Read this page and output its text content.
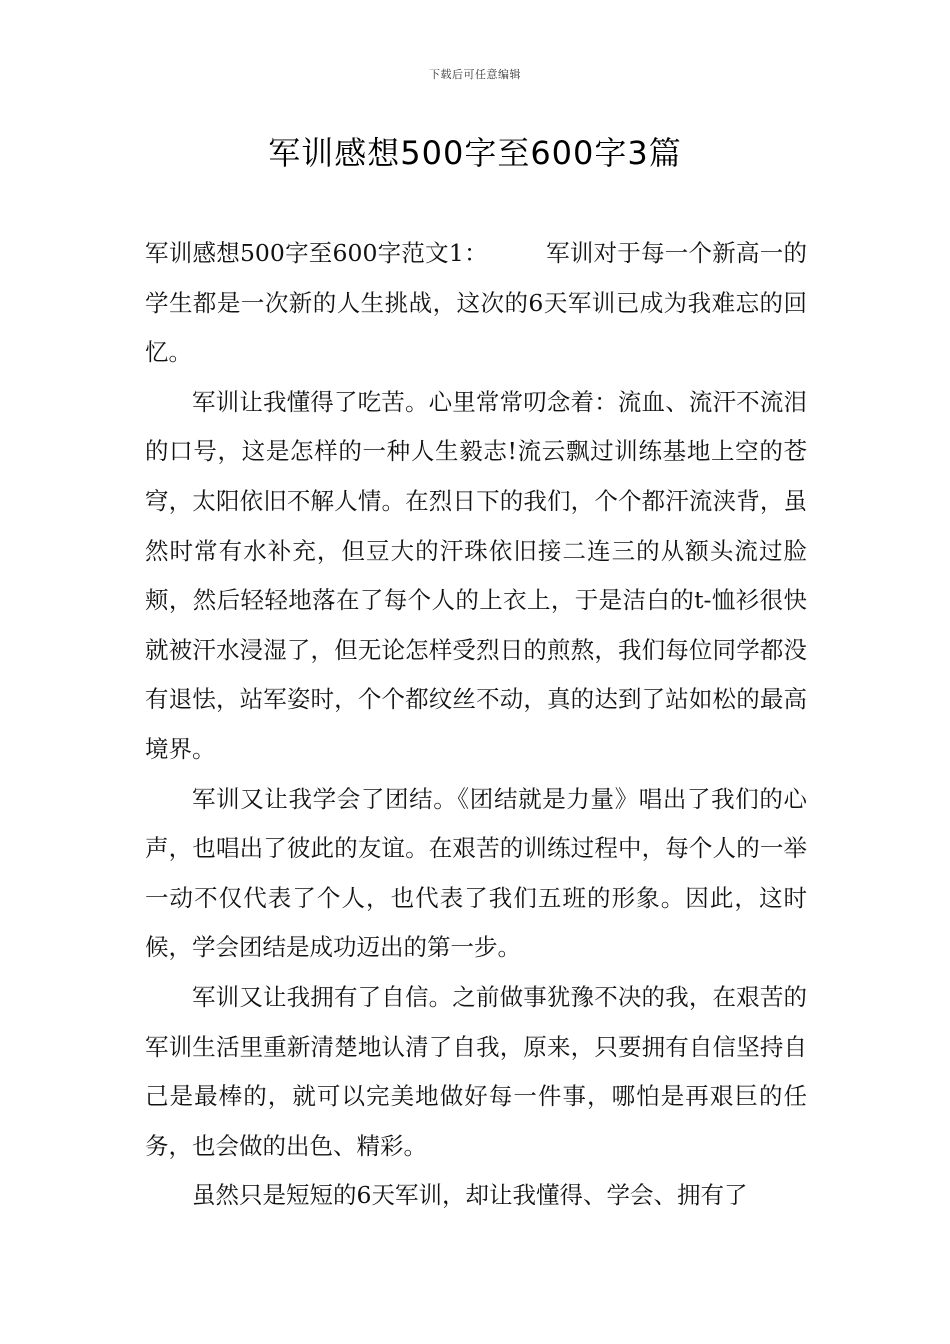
下载后可任意编辑
军训感想500字至600字3篇

军训感想500字至600字范文1： 军训对于每一个新高一的学生都是一次新的人生挑战，这次的6天军训已成为我难忘的回忆。

军训让我懂得了吃苦。心里常常叨念着：流血、流汗不流泪的口号，这是怎样的一种人生毅志!流云飘过训练基地上空的苍穹，太阳依旧不解人情。在烈日下的我们，个个都汗流浃背，虽然时常有水补充，但豆大的汗珠依旧接二连三的从额头流过脸颊，然后轻轻地落在了每个人的上衣上，于是洁白的t-恤衫很快就被汗水浸湿了，但无论怎样受烈日的煎熬，我们每位同学都没有退怯，站军姿时，个个都纹丝不动，真的达到了站如松的最高境界。

军训又让我学会了团结。《团结就是力量》唱出了我们的心声，也唱出了彼此的友谊。在艰苦的训练过程中，每个人的一举一动不仅代表了个人，也代表了我们五班的形象。因此，这时候，学会团结是成功迈出的第一步。

军训又让我拥有了自信。之前做事犹豫不决的我，在艰苦的军训生活里重新清楚地认清了自我，原来，只要拥有自信坚持自己是最棒的，就可以完美地做好每一件事，哪怕是再艰巨的任务，也会做的出色、精彩。

虽然只是短短的6天军训，却让我懂得、学会、拥有了
